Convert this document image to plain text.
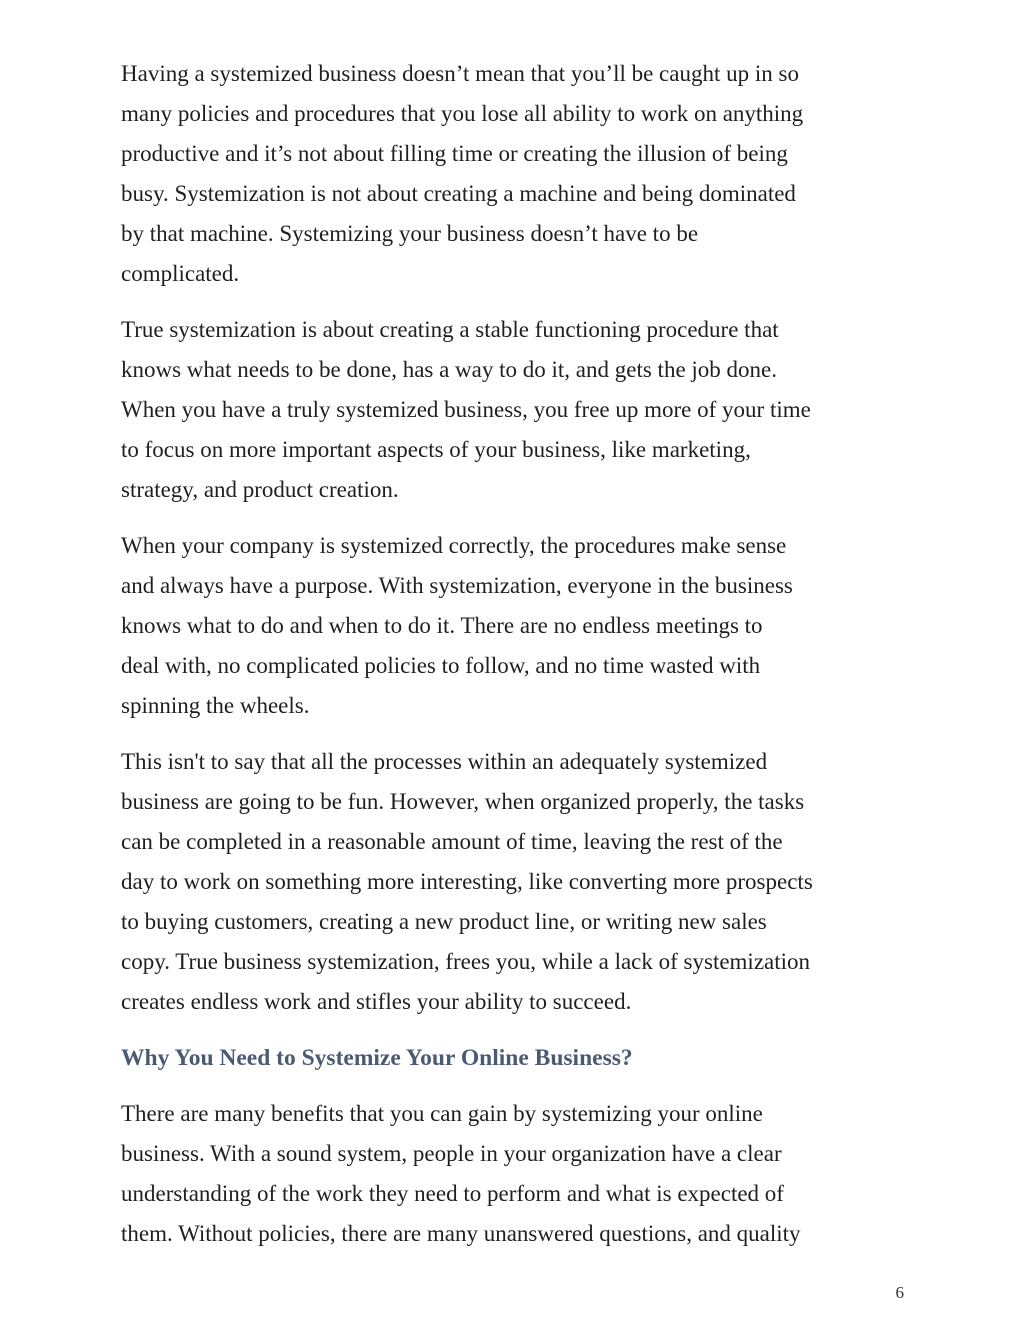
Having a systemized business doesn’t mean that you’ll be caught up in so
many policies and procedures that you lose all ability to work on anything
productive and it’s not about filling time or creating the illusion of being
busy. Systemization is not about creating a machine and being dominated
by that machine. Systemizing your business doesn’t have to be
complicated.

True systemization is about creating a stable functioning procedure that
knows what needs to be done, has a way to do it, and gets the job done.
When you have a truly systemized business, you free up more of your time
to focus on more important aspects of your business, like marketing,
strategy, and product creation.

When your company is systemized correctly, the procedures make sense
and always have a purpose. With systemization, everyone in the business
knows what to do and when to do it. There are no endless meetings to
deal with, no complicated policies to follow, and no time wasted with
spinning the wheels.

This isn't to say that all the processes within an adequately systemized
business are going to be fun. However, when organized properly, the tasks
can be completed in a reasonable amount of time, leaving the rest of the
day to work on something more interesting, like converting more prospects
to buying customers, creating a new product line, or writing new sales
copy. True business systemization, frees you, while a lack of systemization
creates endless work and stifles your ability to succeed.

Why You Need to Systemize Your Online Business?

There are many benefits that you can gain by systemizing your online
business. With a sound system, people in your organization have a clear
understanding of the work they need to perform and what is expected of
them. Without policies, there are many unanswered questions, and quality

6
